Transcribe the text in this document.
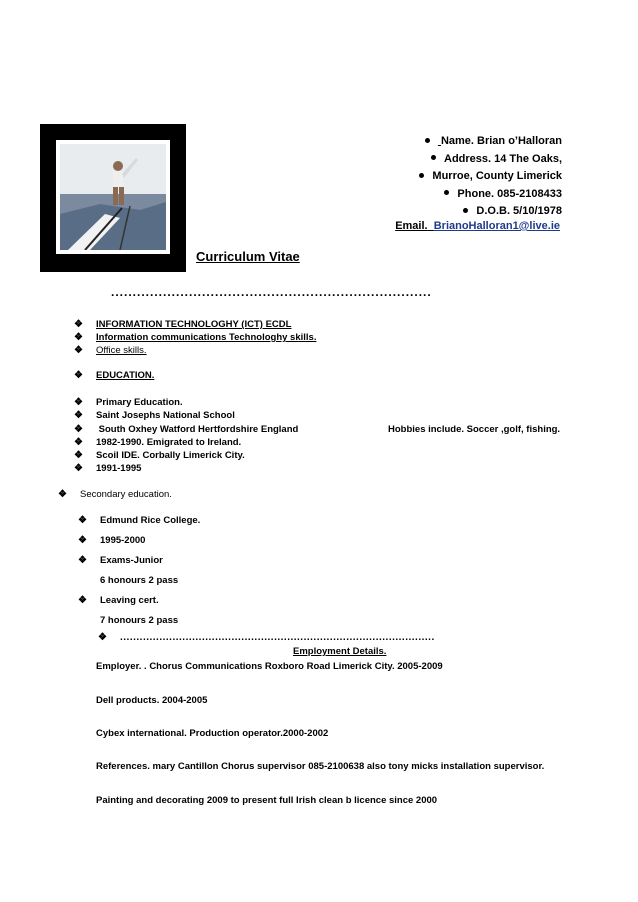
Name. Brian o’Halloran
Address. 14 The Oaks,
Murroe, County Limerick
Phone. 085-2108433
D.O.B. 5/10/1978
Email. BrianoHalloran1@live.ie
Curriculum Vitae
..........................................................................
❖ INFORMATION TECHNOLOGHY (ICT) ECDL
❖ Information communications Technologhy skills.
❖ Office skills.
❖ EDUCATION.
❖ Primary Education.
❖ Saint Josephs National School
❖ South Oxhey Watford Hertfordshire England
❖ 1982-1990. Emigrated to Ireland.
❖ Scoil IDE. Corbally Limerick City.
❖ 1991-1995
❖ Secondary education.
❖ Edmund Rice College.
❖ 1995-2000
❖ Exams-Junior
6 honours 2 pass
❖ Leaving cert.
7 honours 2 pass
❖	................................................................................................
Hobbies include. Soccer ,golf, fishing.
Employment Details.
Employer. . Chorus Communications Roxboro Road Limerick City. 2005-2009
Dell products. 2004-2005
Cybex international. Production operator.2000-2002
References. mary Cantillon Chorus supervisor 085-2100638 also tony micks installation supervisor.
Painting and decorating 2009 to present full Irish clean b licence since 2000
